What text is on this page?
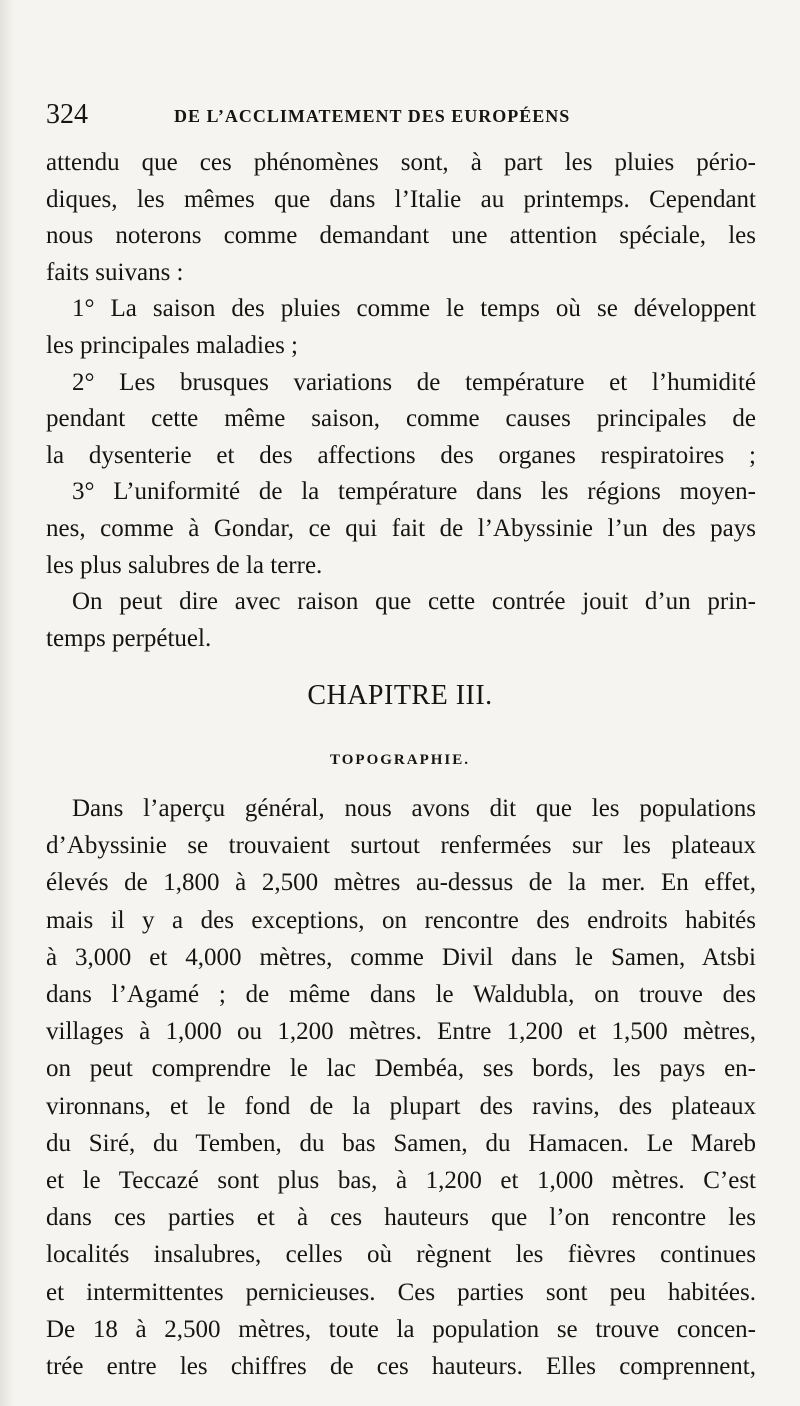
324	DE L’ACCLIMATEMENT DES EUROPÉENS
attendu que ces phénomènes sont, à part les pluies pério-
diques, les mêmes que dans l’Italie au printemps. Cependant
nous noterons comme demandant une attention spéciale, les
faits suivans :
1° La saison des pluies comme le temps où se développent
les principales maladies ;
2° Les brusques variations de température et l’humidité
pendant cette même saison, comme causes principales de
la dysenterie et des affections des organes respiratoires ;
3° L’uniformité de la température dans les régions moyen-
nes, comme à Gondar, ce qui fait de l’Abyssinie l’un des pays
les plus salubres de la terre.
On peut dire avec raison que cette contrée jouit d’un prin-
temps perpétuel.
CHAPITRE III.
TOPOGRAPHIE.
Dans l’aperçu général, nous avons dit que les populations
d’Abyssinie se trouvaient surtout renfermées sur les plateaux
élevés de 1,800 à 2,500 mètres au-dessus de la mer. En effet,
mais il y a des exceptions, on rencontre des endroits habités
à 3,000 et 4,000 mètres, comme Divil dans le Samen, Atsbi
dans l’Agamé ; de même dans le Waldubla, on trouve des
villages à 1,000 ou 1,200 mètres. Entre 1,200 et 1,500 mètres,
on peut comprendre le lac Dembéa, ses bords, les pays en-
vironnans, et le fond de la plupart des ravins, des plateaux
du Siré, du Temben, du bas Samen, du Hamacen. Le Mareb
et le Teccazé sont plus bas, à 1,200 et 1,000 mètres. C’est
dans ces parties et à ces hauteurs que l’on rencontre les
localités insalubres, celles où règnent les fièvres continues
et intermittentes pernicieuses. Ces parties sont peu habitées.
De 18 à 2,500 mètres, toute la population se trouve concen-
trée entre les chiffres de ces hauteurs. Elles comprennent,
